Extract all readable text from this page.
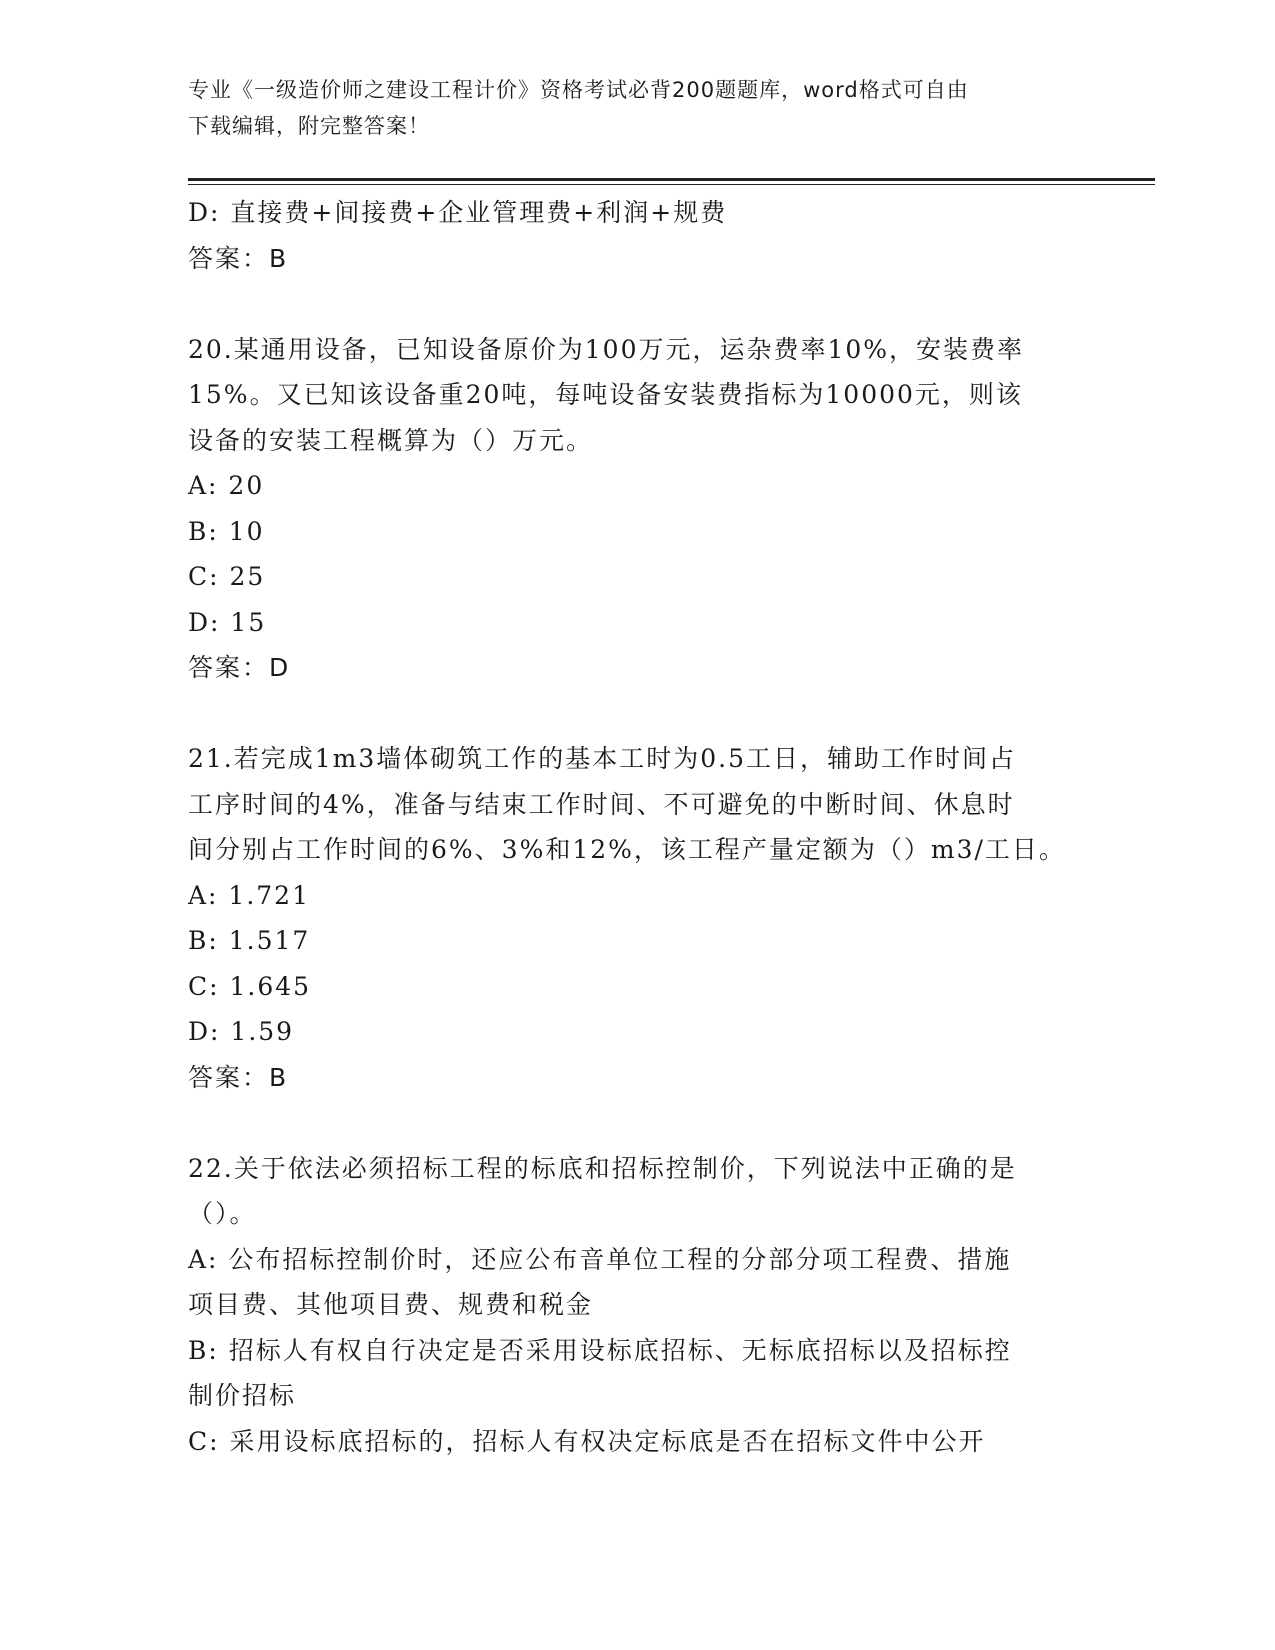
专业《一级造价师之建设工程计价》资格考试必背200题题库，word格式可自由
下载编辑，附完整答案！
D: 直接费+间接费+企业管理费+利润+规费
答案：B
20.某通用设备，已知设备原价为100万元，运杂费率10%，安装费率
15%。又已知该设备重20吨，每吨设备安装费指标为10000元，则该
设备的安装工程概算为（）万元。
A: 20
B: 10
C: 25
D: 15
答案：D
21.若完成1m3墙体砌筑工作的基本工时为0.5工日，辅助工作时间占
工序时间的4%，准备与结束工作时间、不可避免的中断时间、休息时
间分别占工作时间的6%、3%和12%，该工程产量定额为（）m3/工日。
A: 1.721
B: 1.517
C: 1.645
D: 1.59
答案：B
22.关于依法必须招标工程的标底和招标控制价，下列说法中正确的是
（）。
A: 公布招标控制价时，还应公布音单位工程的分部分项工程费、措施
项目费、其他项目费、规费和税金
B: 招标人有权自行决定是否采用设标底招标、无标底招标以及招标控
制价招标
C: 采用设标底招标的，招标人有权决定标底是否在招标文件中公开
